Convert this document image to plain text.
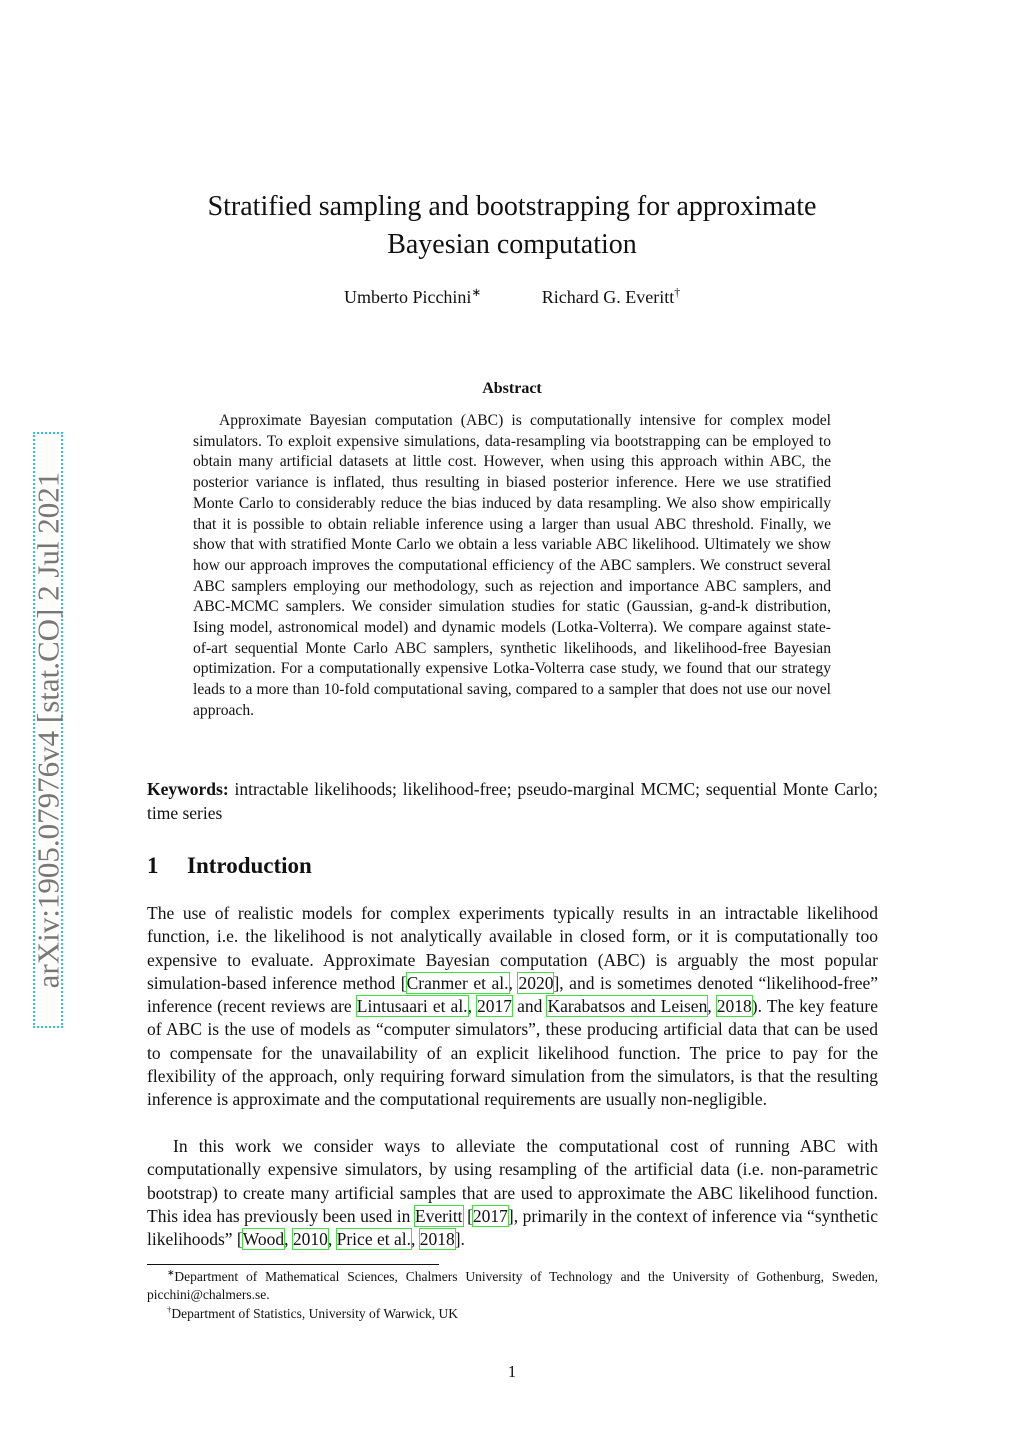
arXiv:1905.07976v4 [stat.CO] 2 Jul 2021
Stratified sampling and bootstrapping for approximate
Bayesian computation
Umberto Picchini∗	Richard G. Everitt†
Abstract

Approximate Bayesian computation (ABC) is computationally intensive for complex model simulators. To exploit expensive simulations, data-resampling via bootstrapping can be employed to obtain many artificial datasets at little cost. However, when using this approach within ABC, the posterior variance is inflated, thus resulting in biased posterior inference. Here we use stratified Monte Carlo to considerably reduce the bias induced by data resampling. We also show empirically that it is possible to obtain reliable inference using a larger than usual ABC threshold. Finally, we show that with stratified Monte Carlo we obtain a less variable ABC likelihood. Ultimately we show how our approach improves the computational efficiency of the ABC samplers. We construct several ABC samplers employing our methodology, such as rejection and importance ABC samplers, and ABC-MCMC samplers. We consider simulation studies for static (Gaussian, g-and-k distribution, Ising model, astronomical model) and dynamic models (Lotka-Volterra). We compare against state-of-art sequential Monte Carlo ABC samplers, synthetic likelihoods, and likelihood-free Bayesian optimization. For a computationally expensive Lotka-Volterra case study, we found that our strategy leads to a more than 10-fold computational saving, compared to a sampler that does not use our novel approach.

Keywords: intractable likelihoods; likelihood-free; pseudo-marginal MCMC; sequential Monte Carlo; time series

1 Introduction

The use of realistic models for complex experiments typically results in an intractable likelihood function, i.e. the likelihood is not analytically available in closed form, or it is computationally too expensive to evaluate. Approximate Bayesian computation (ABC) is arguably the most popular simulation-based inference method [Cranmer et al., 2020], and is sometimes denoted “likelihood-free” inference (recent reviews are Lintusaari et al., 2017 and Karabatsos and Leisen, 2018). The key feature of ABC is the use of models as “computer simulators”, these producing artificial data that can be used to compensate for the unavailability of an explicit likelihood function. The price to pay for the flexibility of the approach, only requiring forward simulation from the simulators, is that the resulting inference is approximate and the computational requirements are usually non-negligible.

In this work we consider ways to alleviate the computational cost of running ABC with computationally expensive simulators, by using resampling of the artificial data (i.e. non-parametric bootstrap) to create many artificial samples that are used to approximate the ABC likelihood function. This idea has previously been used in Everitt [2017], primarily in the context of inference via “synthetic likelihoods” [Wood, 2010, Price et al., 2018].

∗Department of Mathematical Sciences, Chalmers University of Technology and the University of Gothenburg, Sweden, picchini@chalmers.se.

†Department of Statistics, University of Warwick, UK

1
